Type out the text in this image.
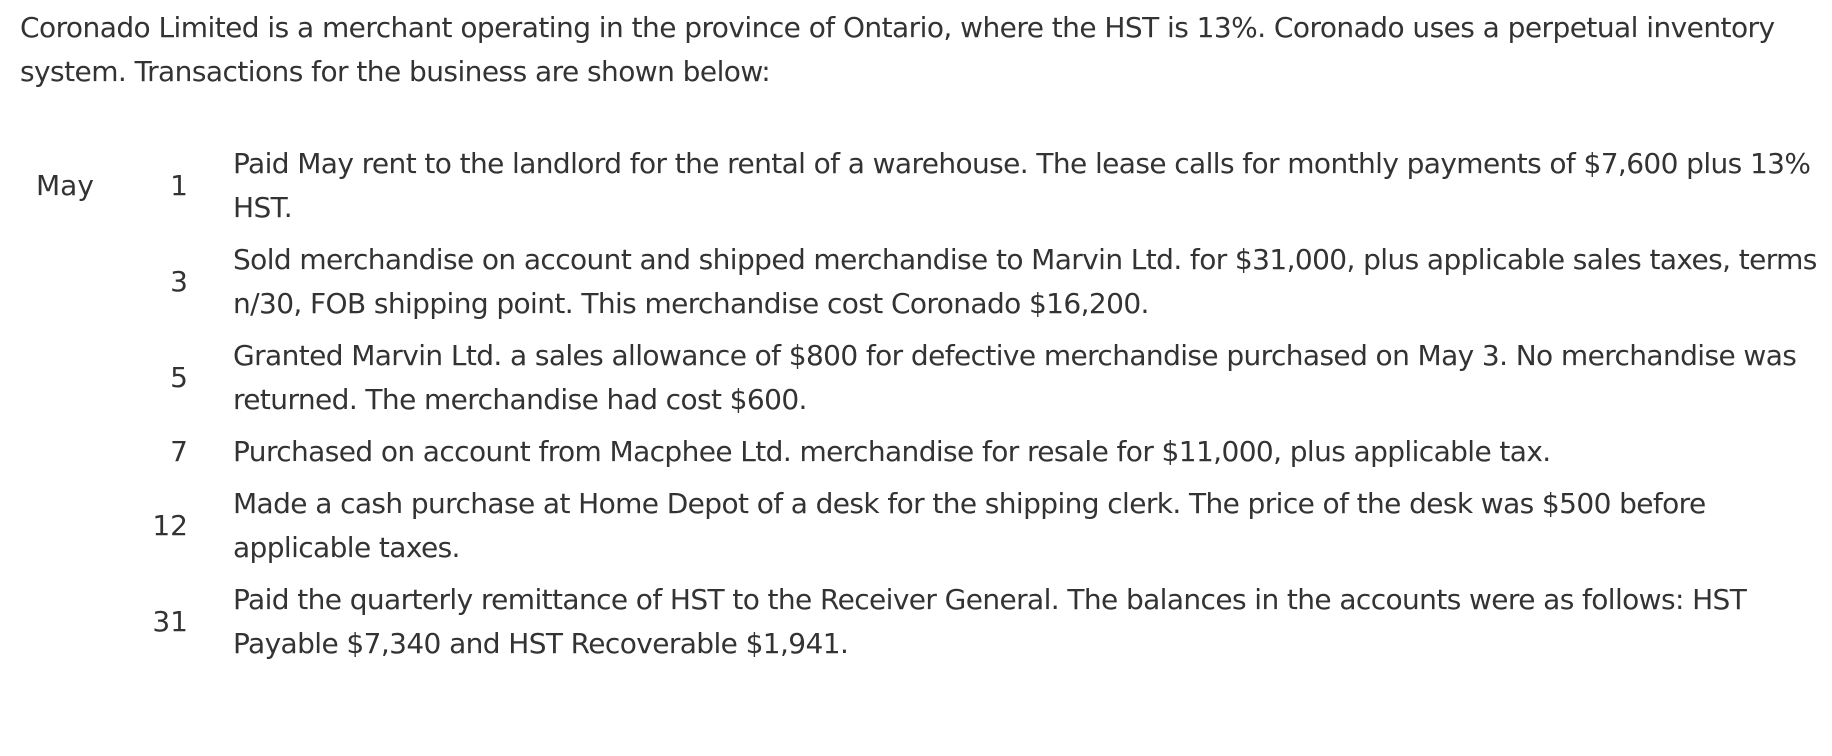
Coronado Limited is a merchant operating in the province of Ontario, where the HST is 13%. Coronado uses a perpetual inventory system. Transactions for the business are shown below:

May	1
Paid May rent to the landlord for the rental of a warehouse. The lease calls for monthly payments of $7,600 plus 13% HST.
3
Sold merchandise on account and shipped merchandise to Marvin Ltd. for $31,000, plus applicable sales taxes, terms n/30, FOB shipping point. This merchandise cost Coronado $16,200.
5
Granted Marvin Ltd. a sales allowance of $800 for defective merchandise purchased on May 3. No merchandise was returned. The merchandise had cost $600.
7 Purchased on account from Macphee Ltd. merchandise for resale for $11,000, plus applicable tax.
12
Made a cash purchase at Home Depot of a desk for the shipping clerk. The price of the desk was $500 before applicable taxes.
31
Paid the quarterly remittance of HST to the Receiver General. The balances in the accounts were as follows: HST Payable $7,340 and HST Recoverable $1,941.
